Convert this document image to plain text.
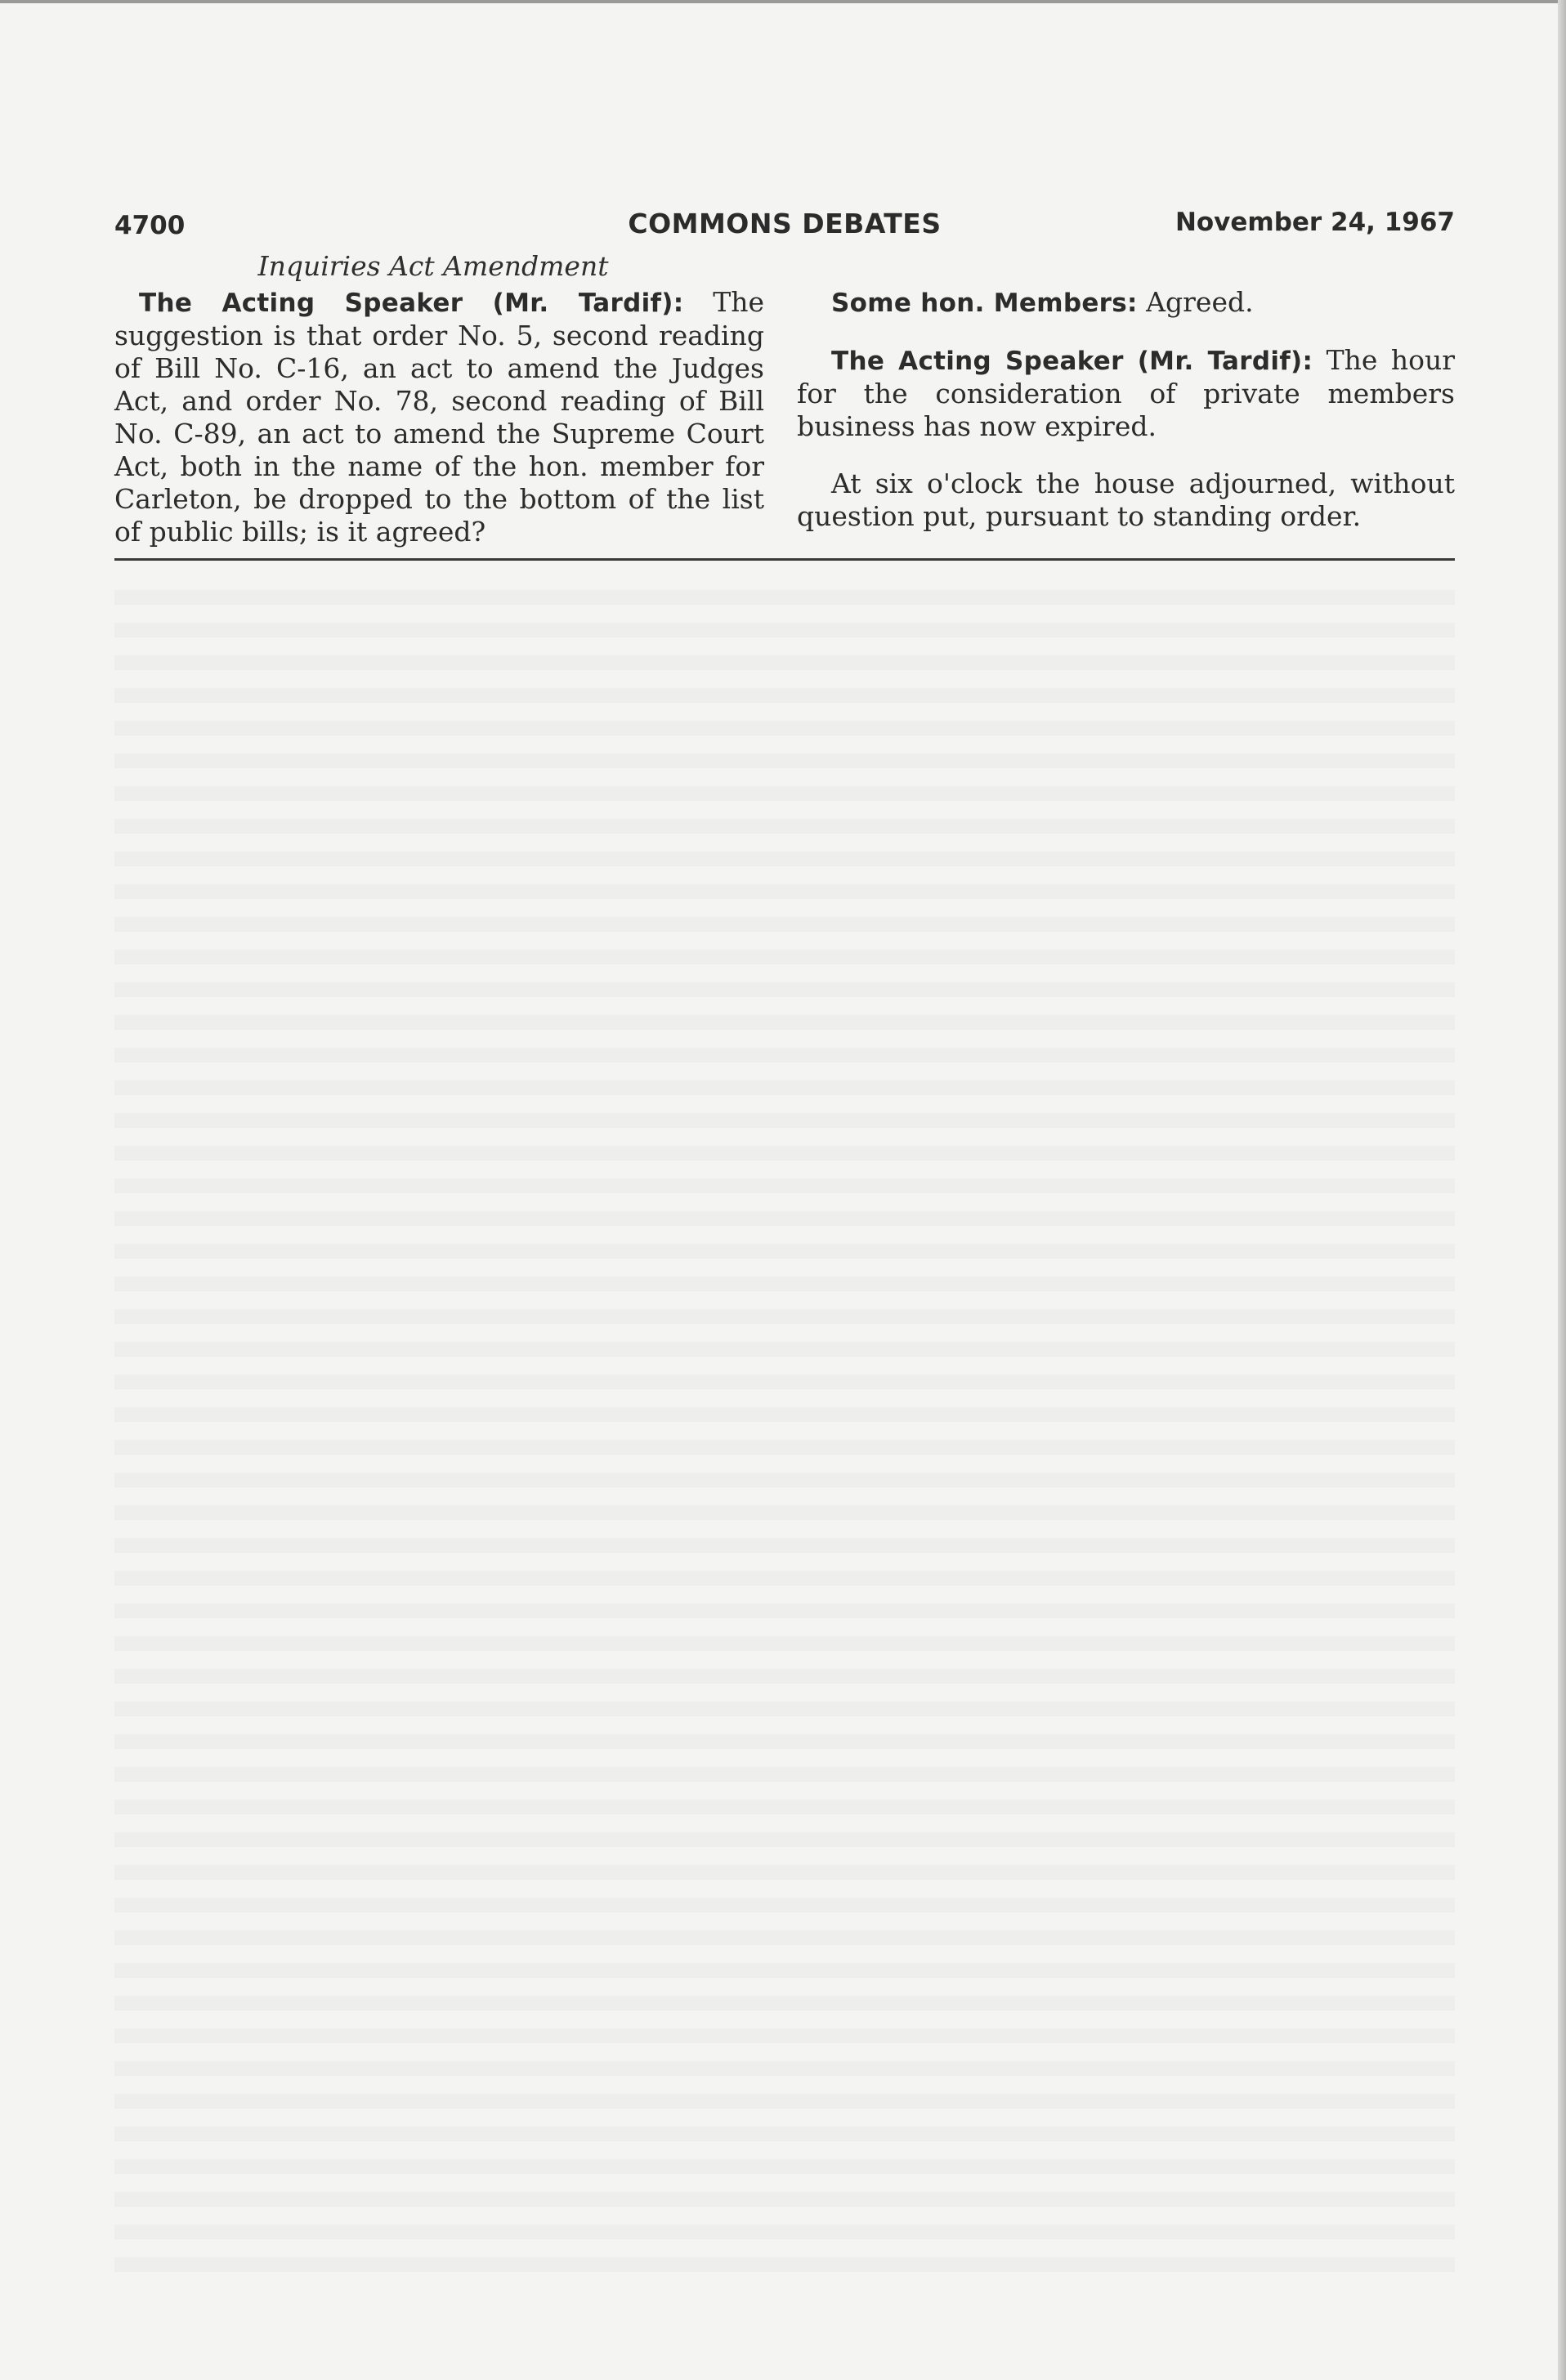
4700	COMMONS DEBATES	November 24, 1967
Inquiries Act Amendment

The Acting Speaker (Mr. Tardif): The suggestion is that order No. 5, second reading of Bill No. C-16, an act to amend the Judges Act, and order No. 78, second reading of Bill No. C-89, an act to amend the Supreme Court Act, both in the name of the hon. member for Carleton, be dropped to the bottom of the list of public bills; is it agreed?

Some hon. Members: Agreed.

The Acting Speaker (Mr. Tardif): The hour for the consideration of private members business has now expired.

At six o'clock the house adjourned, without question put, pursuant to standing order.
